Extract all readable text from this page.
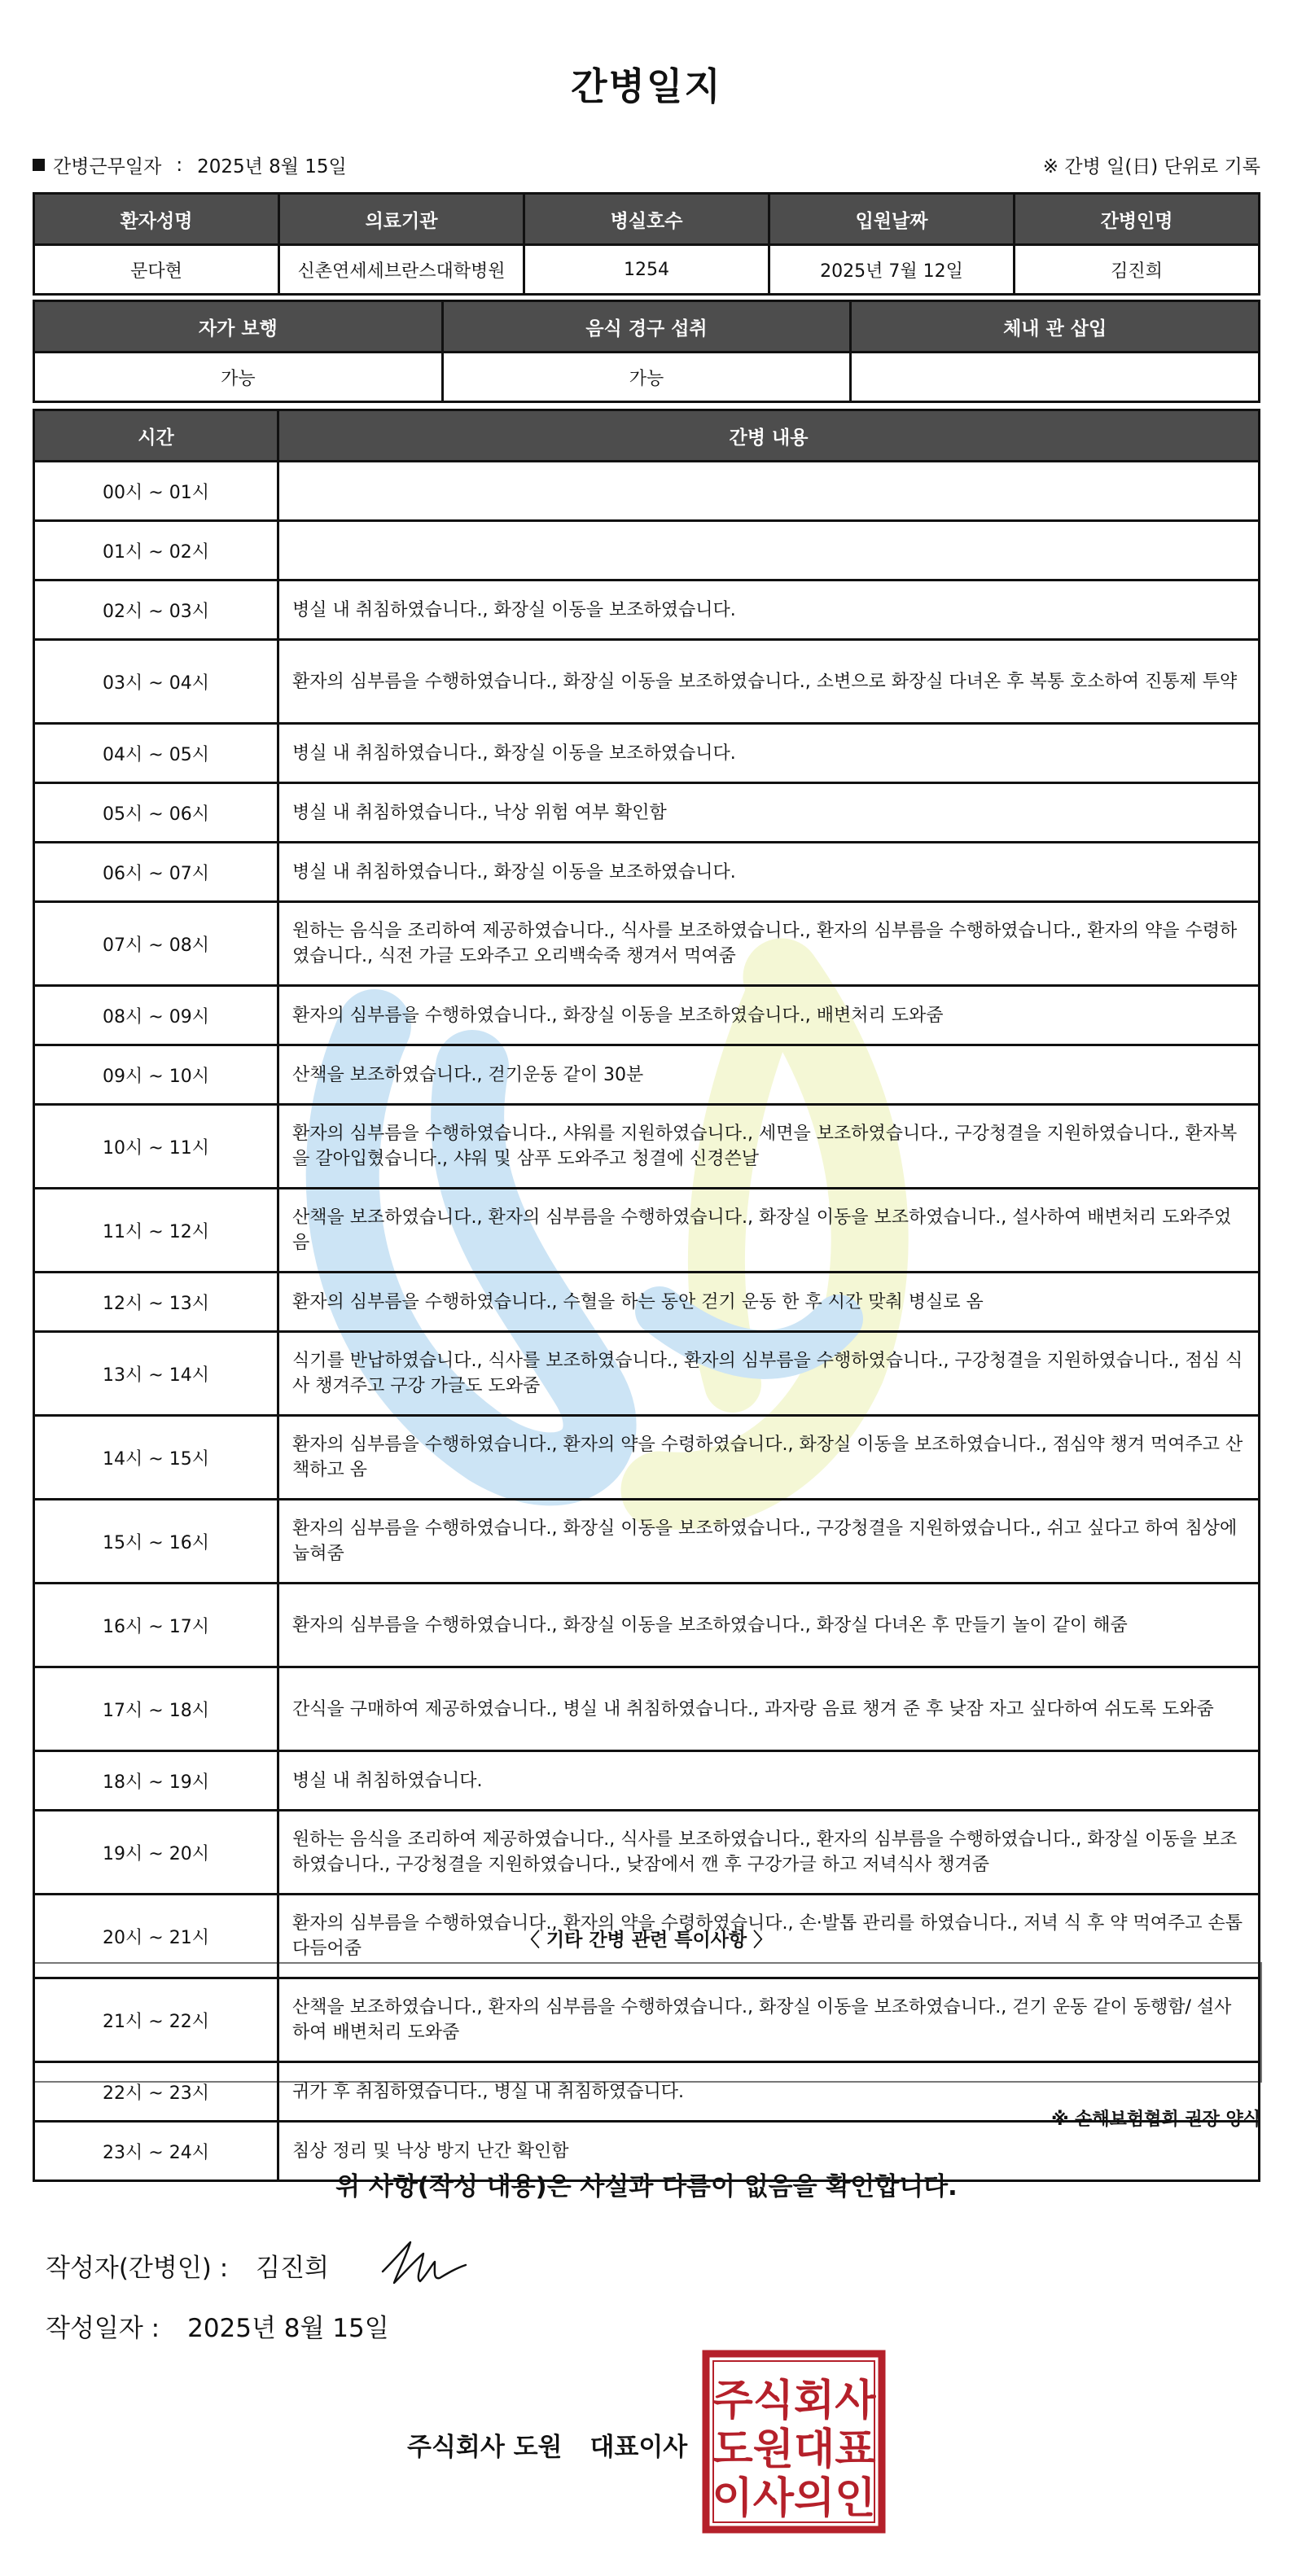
간병일지
간병근무일자 : 2025년 8월 15일	※ 간병 일(日) 단위로 기록
환자성명	의료기관	병실호수	입원날짜	간병인명
문다현	신촌연세세브란스대학병원	1254	2025년 7월 12일	김진희
자가 보행	음식 경구 섭취	체내 관 삽입
가능	가능	
시간	간병 내용
00시 ~ 01시	
01시 ~ 02시	
02시 ~ 03시	병실 내 취침하였습니다., 화장실 이동을 보조하였습니다.
03시 ~ 04시	환자의 심부름을 수행하였습니다., 화장실 이동을 보조하였습니다., 소변으로 화장실 다녀온 후 복통 호소하여 진통제 투약
04시 ~ 05시	병실 내 취침하였습니다., 화장실 이동을 보조하였습니다.
05시 ~ 06시	병실 내 취침하였습니다., 낙상 위험 여부 확인함
06시 ~ 07시	병실 내 취침하였습니다., 화장실 이동을 보조하였습니다.
07시 ~ 08시	원하는 음식을 조리하여 제공하였습니다., 식사를 보조하였습니다., 환자의 심부름을 수행하였습니다., 환자의 약을 수령하였습니다., 식전 가글 도와주고 오리백숙죽 챙겨서 먹여줌
08시 ~ 09시	환자의 심부름을 수행하였습니다., 화장실 이동을 보조하였습니다., 배변처리 도와줌
09시 ~ 10시	산책을 보조하였습니다., 걷기운동 같이 30분
10시 ~ 11시	환자의 심부름을 수행하였습니다., 샤워를 지원하였습니다., 세면을 보조하였습니다., 구강청결을 지원하였습니다., 환자복을 갈아입혔습니다., 샤워 및 삼푸 도와주고 청결에 신경쓴날
11시 ~ 12시	산책을 보조하였습니다., 환자의 심부름을 수행하였습니다., 화장실 이동을 보조하였습니다., 설사하여 배변처리 도와주었음
12시 ~ 13시	환자의 심부름을 수행하였습니다., 수혈을 하는 동안 걷기 운동 한 후 시간 맞춰 병실로 옴
13시 ~ 14시	식기를 반납하였습니다., 식사를 보조하였습니다., 환자의 심부름을 수행하였습니다., 구강청결을 지원하였습니다., 점심 식사 챙겨주고 구강 가글도 도와줌
14시 ~ 15시	환자의 심부름을 수행하였습니다., 환자의 약을 수령하였습니다., 화장실 이동을 보조하였습니다., 점심약 챙겨 먹여주고 산책하고 옴
15시 ~ 16시	환자의 심부름을 수행하였습니다., 화장실 이동을 보조하였습니다., 구강청결을 지원하였습니다., 쉬고 싶다고 하여 침상에 눕혀줌
16시 ~ 17시	환자의 심부름을 수행하였습니다., 화장실 이동을 보조하였습니다., 화장실 다녀온 후 만들기 놀이 같이 해줌
17시 ~ 18시	간식을 구매하여 제공하였습니다., 병실 내 취침하였습니다., 과자랑 음료 챙겨 준 후 낮잠 자고 싶다하여 쉬도록 도와줌
18시 ~ 19시	병실 내 취침하였습니다.
19시 ~ 20시	원하는 음식을 조리하여 제공하였습니다., 식사를 보조하였습니다., 환자의 심부름을 수행하였습니다., 화장실 이동을 보조하였습니다., 구강청결을 지원하였습니다., 낮잠에서 깬 후 구강가글 하고 저녁식사 챙겨줌
20시 ~ 21시	환자의 심부름을 수행하였습니다., 환자의 약을 수령하였습니다., 손·발톱 관리를 하였습니다., 저녁 식 후 약 먹여주고 손톱 다듬어줌
21시 ~ 22시	산책을 보조하였습니다., 환자의 심부름을 수행하였습니다., 화장실 이동을 보조하였습니다., 걷기 운동 같이 동행함/ 설사하여 배변처리 도와줌
22시 ~ 23시	귀가 후 취침하였습니다., 병실 내 취침하였습니다.
23시 ~ 24시	침상 정리 및 낙상 방지 난간 확인함
〈 기타 간병 관련 특이사항 〉
※ 손해보험협회 권장 양식
위 사항(작성 내용)은 사실과 다름이 없음을 확인합니다.
작성자(간병인) : 김진희
작성일자 : 2025년 8월 15일
주식회사 도원 대표이사
주식회사
도원대표
이사의인
